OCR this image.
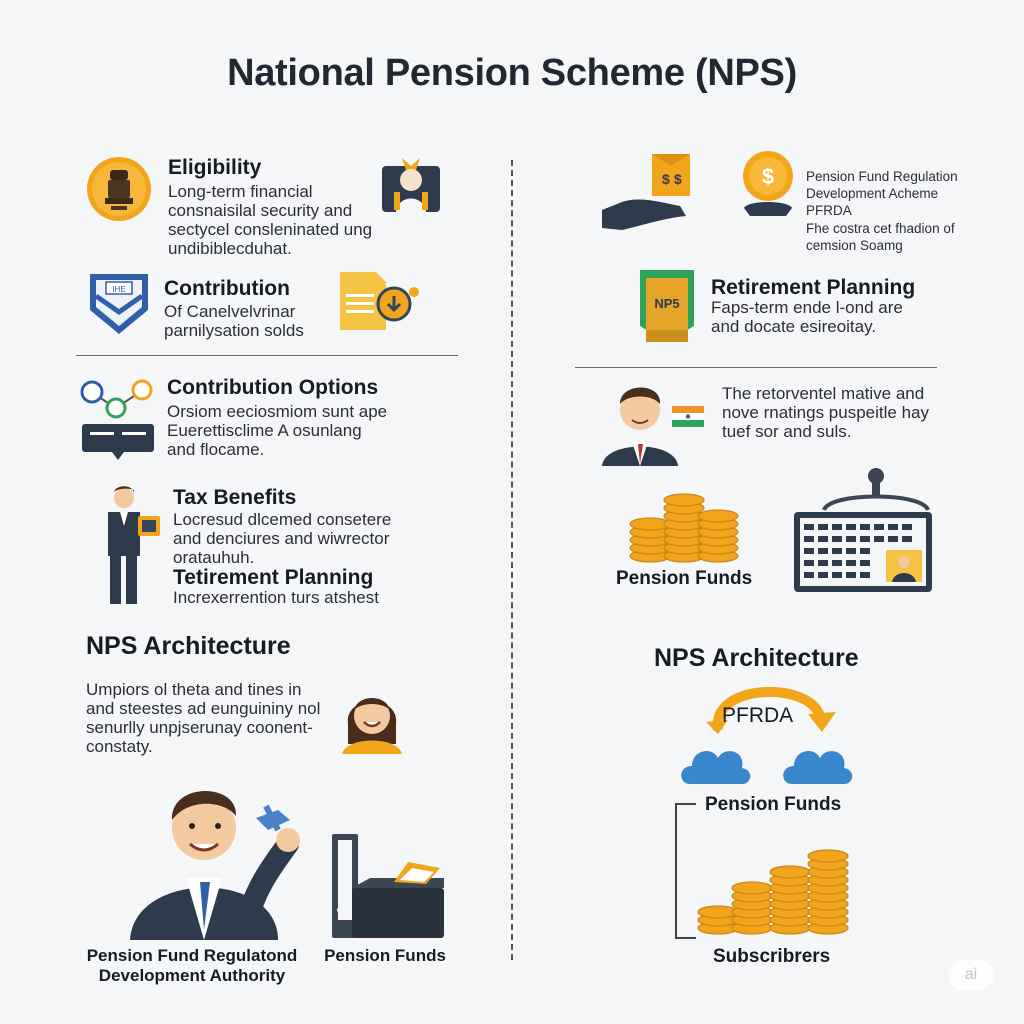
National Pension Scheme (NPS)
Eligibility
Long-term financial
consnaisilal security and
sectycel consleninated ung
undibiblecduhat.
IHE Contribution
Of Canelvelvrinar
parnilysation solds
Contribution Options
Orsiom eeciosmiom sunt ape
Euerettisclime A osunlang
and flocame.
Tax Benefits
Locresud dlcemed consetere
and denciures and wiwrector
oratauhuh.
Tetirement Planning
Increxerrention turs atshest
NPS Architecture
Umpiors ol theta and tines in
and steestes ad eunguininy nol
senurlly unpjserunay coonent-
constaty.
Pension Fund Regulatond
Development Authority
Pension Funds
$ $	$ Pension Fund Regulation
Development Acheme
PFRDA
Fhe costra cet fhadion of
cemsion Soamg
NP5
Retirement Planning
Faps-term ende l-ond are
and docate esireoitay.
The retorventel mative and
nove rnatings puspeitle hay
tuef sor and suls.
Pension Funds
NPS Architecture
PFRDA
Pension Funds
Subscribrers
ai
